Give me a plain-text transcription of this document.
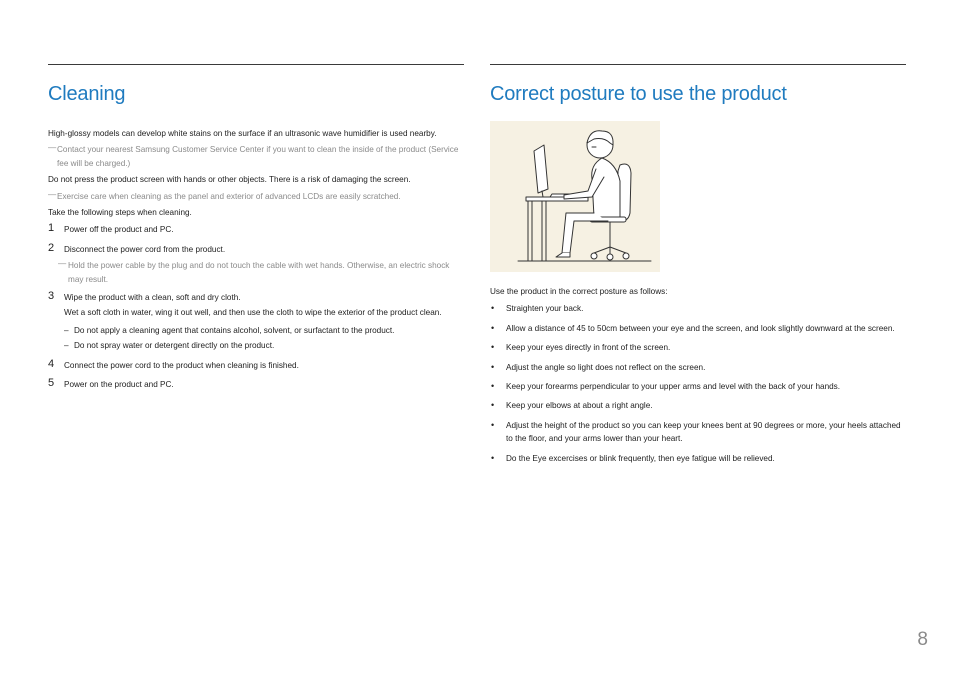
Cleaning
High-glossy models can develop white stains on the surface if an ultrasonic wave humidifier is used nearby.
― Contact your nearest Samsung Customer Service Center if you want to clean the inside of the product (Service fee will be charged.)
Do not press the product screen with hands or other objects. There is a risk of damaging the screen.
― Exercise care when cleaning as the panel and exterior of advanced LCDs are easily scratched.
Take the following steps when cleaning.
1 Power off the product and PC.
2 Disconnect the power cord from the product.
― Hold the power cable by the plug and do not touch the cable with wet hands. Otherwise, an electric shock may result.
3 Wipe the product with a clean, soft and dry cloth.
Wet a soft cloth in water, wing it out well, and then use the cloth to wipe the exterior of the product clean.
– Do not apply a cleaning agent that contains alcohol, solvent, or surfactant to the product.
– Do not spray water or detergent directly on the product.
4 Connect the power cord to the product when cleaning is finished.
5 Power on the product and PC.
Correct posture to use the product
Use the product in the correct posture as follows:
• Straighten your back.
• Allow a distance of 45 to 50cm between your eye and the screen, and look slightly downward at the screen.
• Keep your eyes directly in front of the screen.
• Adjust the angle so light does not reflect on the screen.
• Keep your forearms perpendicular to your upper arms and level with the back of your hands.
• Keep your elbows at about a right angle.
• Adjust the height of the product so you can keep your knees bent at 90 degrees or more, your heels attached to the floor, and your arms lower than your heart.
• Do the Eye excercises or blink frequently, then eye fatigue will be relieved.
8
